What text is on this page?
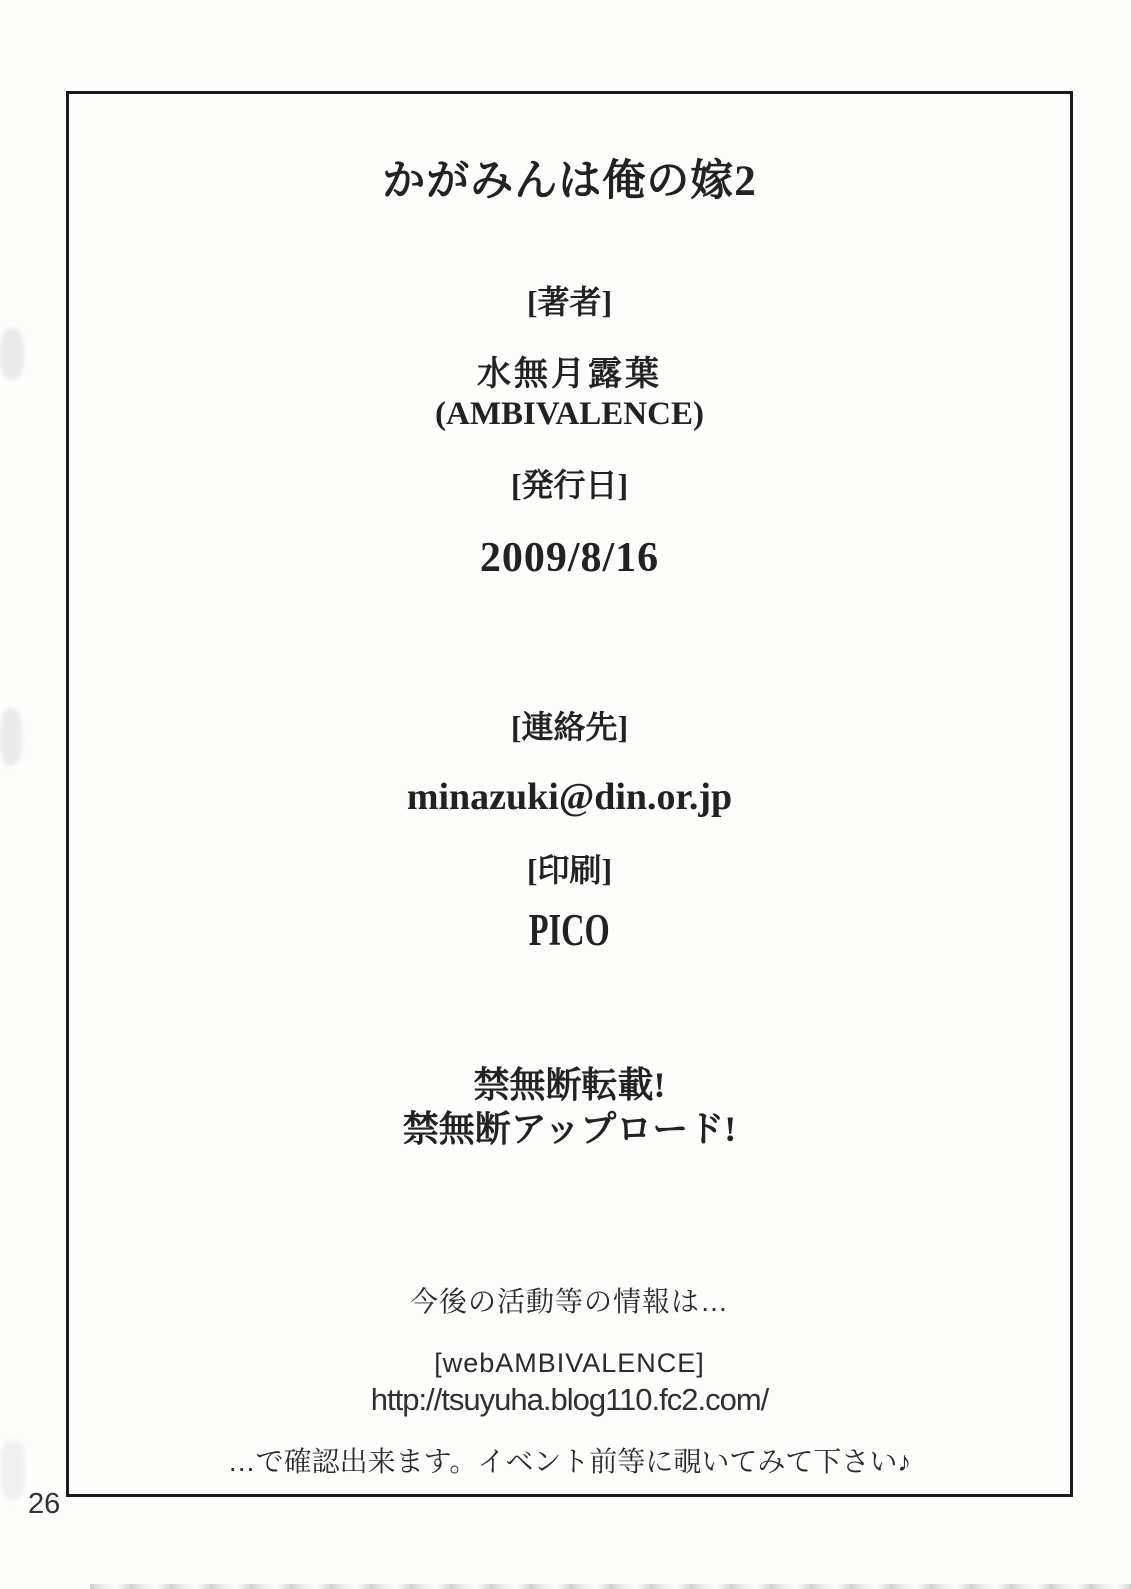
かがみんは俺の嫁2
[著者]
水無月露葉
(AMBIVALENCE)
[発行日]
2009/8/16
[連絡先]
minazuki@din.or.jp
[印刷]
PICO
禁無断転載!
禁無断アップロード!
今後の活動等の情報は…
[webAMBIVALENCE]
http://tsuyuha.blog110.fc2.com/
…で確認出来ます。イベント前等に覗いてみて下さい♪
26
